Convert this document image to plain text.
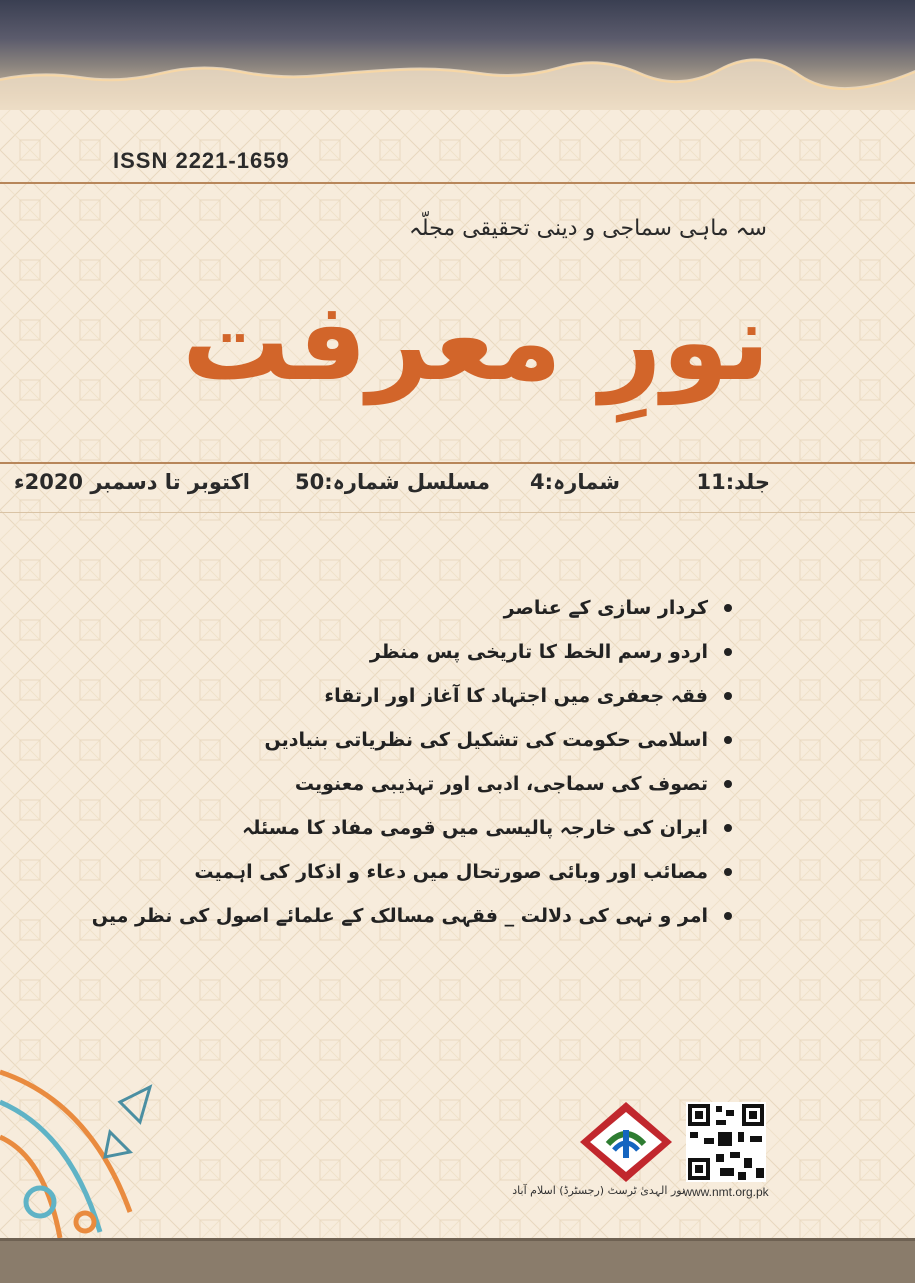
ISSN 2221-1659
سہ ماہی سماجی و دینی تحقیقی مجلّہ
نورِ معرفت
جلد:11
شمارہ:4
مسلسل شمارہ:50
اکتوبر تا دسمبر 2020ء
کردار سازی کے عناصر
اردو رسم الخط کا تاریخی پس منظر
فقہ جعفری میں اجتہاد کا آغاز اور ارتقاء
اسلامی حکومت کی تشکیل کی نظریاتی بنیادیں
تصوف کی سماجی، ادبی اور تہذیبی معنویت
ایران کی خارجہ پالیسی میں قومی مفاد کا مسئلہ
مصائب اور وبائی صورتحال میں دعاء و اذکار کی اہمیت
امر و نہی کی دلالت _ فقہی مسالک کے علمائے اصول کی نظر میں
نور الہدیٰ ٹرسٹ (رجسٹرڈ) اسلام آباد
www.nmt.org.pk
